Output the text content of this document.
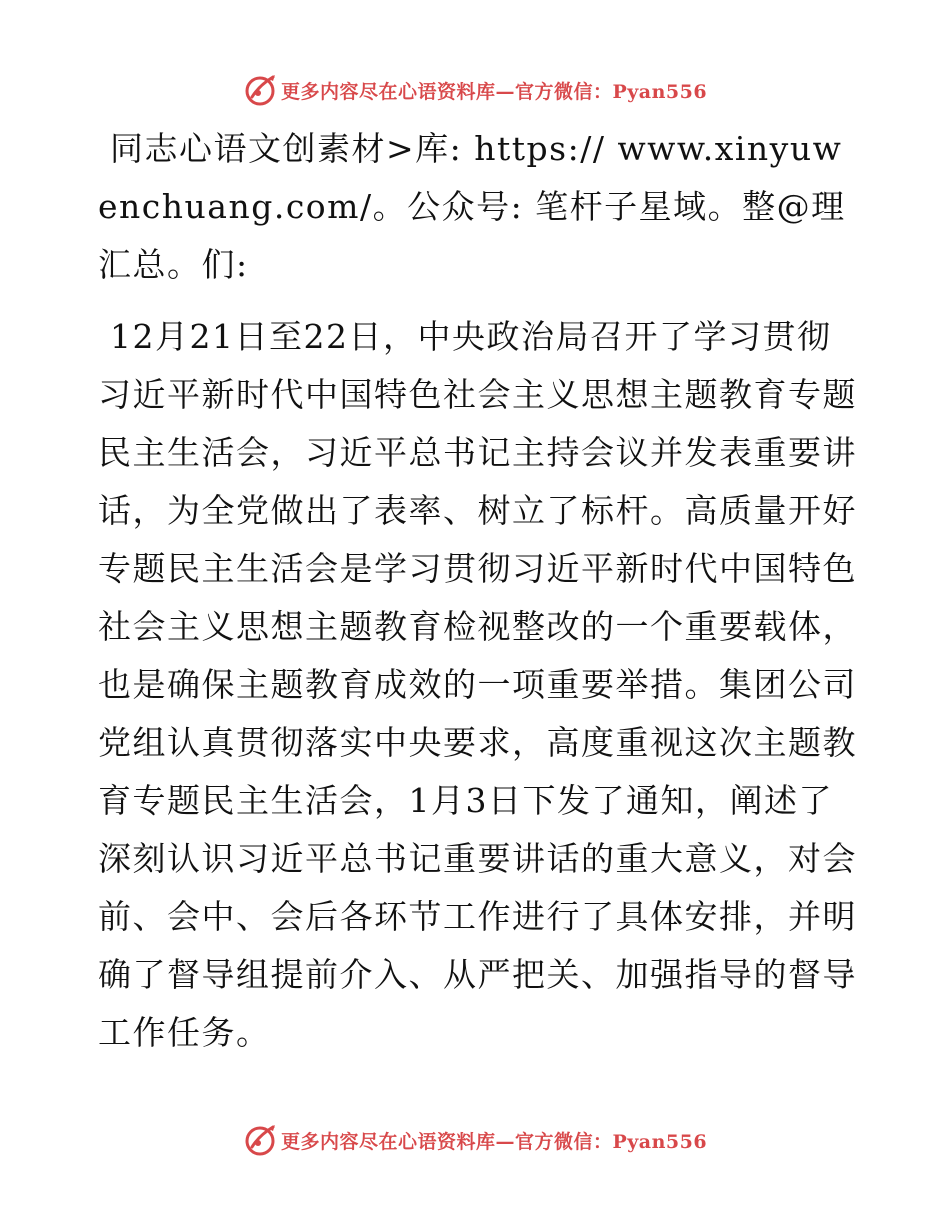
更多内容尽在心语资料库—官方微信：Pyan556

同志心语文创素材>库: https:// www.xinyuwenchuang.com/。公众号: 笔杆子星域。整@理汇总。们:

12月21日至22日，中央政治局召开了学习贯彻习近平新时代中国特色社会主义思想主题教育专题民主生活会，习近平总书记主持会议并发表重要讲话，为全党做出了表率、树立了标杆。高质量开好专题民主生活会是学习贯彻习近平新时代中国特色社会主义思想主题教育检视整改的一个重要载体，也是确保主题教育成效的一项重要举措。集团公司党组认真贯彻落实中央要求，高度重视这次主题教育专题民主生活会，1月3日下发了通知，阐述了深刻认识习近平总书记重要讲话的重大意义，对会前、会中、会后各环节工作进行了具体安排，并明确了督导组提前介入、从严把关、加强指导的督导工作任务。

更多内容尽在心语资料库—官方微信：Pyan556
